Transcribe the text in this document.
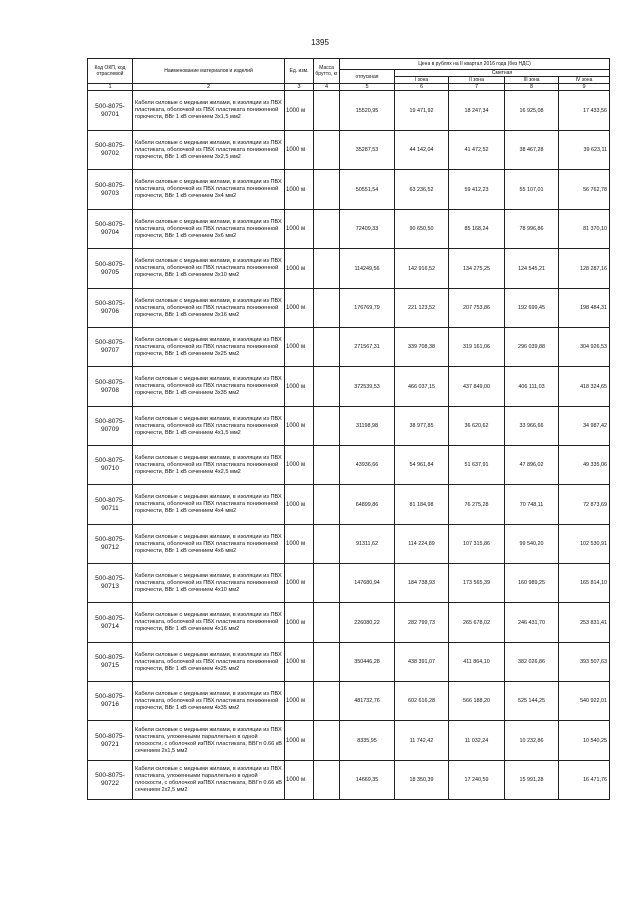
1395
Код ОКП, код отраслевой	Наименование материалов и изделий	Ед. изм.	Масса брутто, кг	Цена в рублях на II квартал 2016 года (без НДС)				
				отпускная	Сметная			
					I зона	II зона	III зона	IV зона
1	2	3	4	5	6	7	8	9

500-8075-
90701	Кабели силовые с медными жилами, в изоляции из ПВХ пластиката, оболочкой из ПВХ пластиката пониженной горючести, ВВг 1 кВ сечением 3х1,5 мм2	1000 м		15520,95	19 471,92	18 247,34	16 925,08	17 433,56

500-8075-
90702	Кабели силовые с медными жилами, в изоляции из ПВХ пластиката, оболочкой из ПВХ пластиката пониженной горючести, ВВг 1 кВ сечением 3х2,5 мм2	1000 м		35287,53	44 142,04	41 472,52	38 467,28	39 623,11

500-8075-
90703	Кабели силовые с медными жилами, в изоляции из ПВХ пластиката, оболочкой из ПВХ пластиката пониженной горючести, ВВг 1 кВ сечением 3х4 мм2	1000 м		50551,54	63 236,52	59 412,23	55 107,01	56 762,78

500-8075-
90704	Кабели силовые с медными жилами, в изоляции из ПВХ пластиката, оболочкой из ПВХ пластиката пониженной горючести, ВВг 1 кВ сечением 3х6 мм2	1000 м		72409,33	90 650,50	85 168,24	78 996,86	81 370,10

500-8075-
90705	Кабели силовые с медными жилами, в изоляции из ПВХ пластиката, оболочкой из ПВХ пластиката пониженной горючести, ВВг 1 кВ сечением 3х10 мм2	1000 м		114249,56	142 916,52	134 275,25	124 545,21	128 287,16

500-8075-
90706	Кабели силовые с медными жилами, в изоляции из ПВХ пластиката, оболочкой из ПВХ пластиката пониженной горючести, ВВг 1 кВ сечением 3х16 мм2	1000 м		176769,79	221 123,52	207 753,86	192 699,45	198 484,31

500-8075-
90707	Кабели силовые с медными жилами, в изоляции из ПВХ пластиката, оболочкой из ПВХ пластиката пониженной горючести, ВВг 1 кВ сечением 3х25 мм2	1000 м		271567,31	339 708,38	319 161,06	296 039,88	304 926,53

500-8075-
90708	Кабели силовые с медными жилами, в изоляции из ПВХ пластиката, оболочкой из ПВХ пластиката пониженной горючести, ВВг 1 кВ сечением 3х35 мм2	1000 м		372539,53	466 037,15	437 849,00	406 111,03	418 324,65

500-8075-
90709	Кабели силовые с медными жилами, в изоляции из ПВХ пластиката, оболочкой из ПВХ пластиката пониженной горючести, ВВг 1 кВ сечением 4х1,5 мм2	1000 м		31198,98	38 977,85	36 620,62	33 966,66	34 987,42

500-8075-
90710	Кабели силовые с медными жилами, в изоляции из ПВХ пластиката, оболочкой из ПВХ пластиката пониженной горючести, ВВг 1 кВ сечением 4х2,5 мм2	1000 м		43936,66	54 961,84	51 637,91	47 896,02	49 335,06

500-8075-
90711	Кабели силовые с медными жилами, в изоляции из ПВХ пластиката, оболочкой из ПВХ пластиката пониженной горючести, ВВг 1 кВ сечением 4х4 мм2	1000 м		64899,86	81 184,98	76 275,28	70 748,11	72 873,69

500-8075-
90712	Кабели силовые с медными жилами, в изоляции из ПВХ пластиката, оболочкой из ПВХ пластиката пониженной горючести, ВВг 1 кВ сечением 4х6 мм2	1000 м		91311,62	114 224,89	107 315,86	99 540,20	102 530,91

500-8075-
90713	Кабели силовые с медными жилами, в изоляции из ПВХ пластиката, оболочкой из ПВХ пластиката пониженной горючести, ВВг 1 кВ сечением 4х10 мм2	1000 м		147680,94	184 738,93	173 565,39	160 989,25	165 814,10

500-8075-
90714	Кабели силовые с медными жилами, в изоляции из ПВХ пластиката, оболочкой из ПВХ пластиката пониженной горючести, ВВг 1 кВ сечением 4х16 мм2	1000 м		226080,22	282 799,73	265 678,02	246 431,70	253 831,41

500-8075-
90715	Кабели силовые с медными жилами, в изоляции из ПВХ пластиката, оболочкой из ПВХ пластиката пониженной горючести, ВВг 1 кВ сечением 4х25 мм2	1000 м		350446,28	438 391,07	411 864,10	382 026,86	393 507,63

500-8075-
90716	Кабели силовые с медными жилами, в изоляции из ПВХ пластиката, оболочкой из ПВХ пластиката пониженной горючести, ВВг 1 кВ сечением 4х35 мм2	1000 м		481732,76	602 616,28	566 188,20	525 144,25	540 922,01

500-8075-
90721	Кабели силовые с медными жилами, в изоляции из ПВХ пластиката, уложенными параллельно в одной плоскости, с оболочкой изПВХ пластиката, ВВГп 0.66 кВ сечением 2х1,5 мм2	1000 м		8335,95	11 742,42	11 032,24	10 232,86	10 540,25

500-8075-
90722	Кабели силовые с медными жилами, в изоляции из ПВХ пластиката, уложенными параллельно в одной плоскости, с оболочкой изПВХ пластиката, ВВГп 0.66 кВ сечением 2х2,5 мм2	1000 м		14669,35	18 350,39	17 240,59	15 991,28	16 471,76
